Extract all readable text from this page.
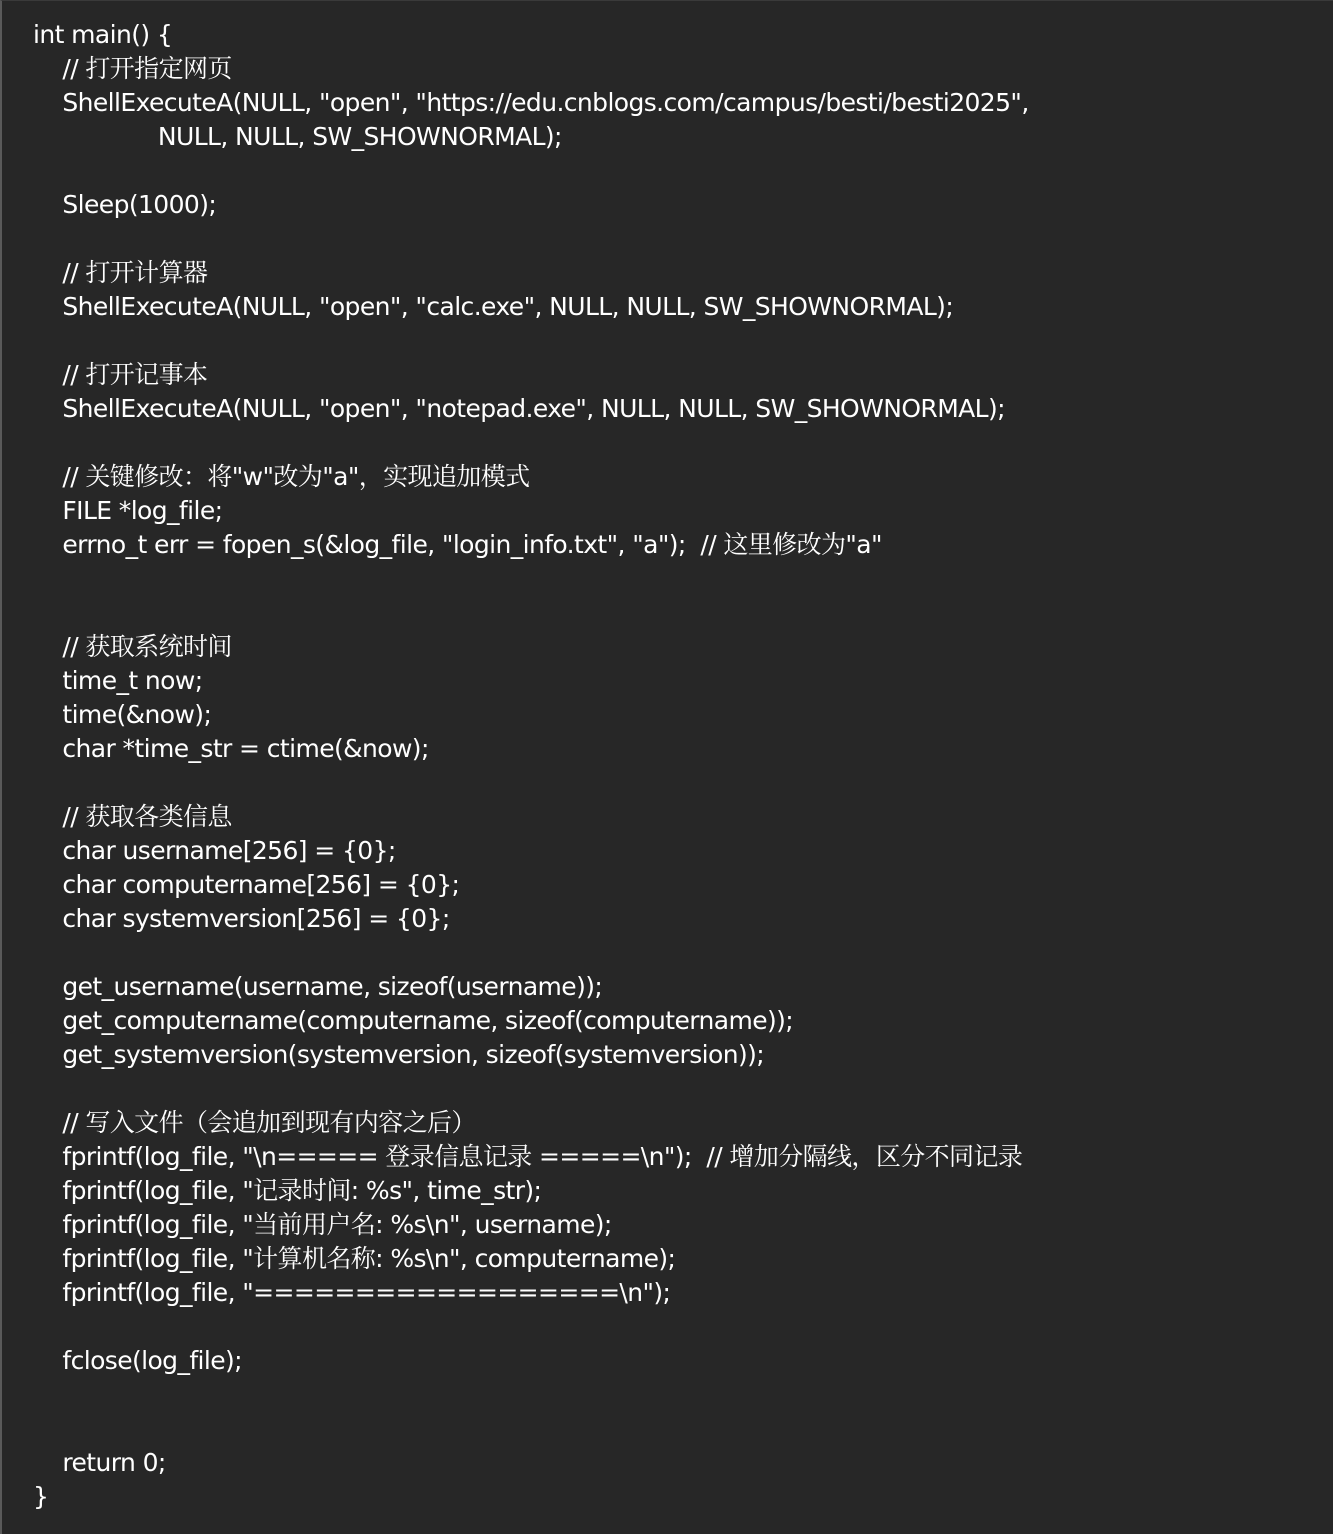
int main() {
// 打开指定网页
ShellExecuteA(NULL, "open", "https://edu.cnblogs.com/campus/besti/besti2025",
NULL, NULL, SW_SHOWNORMAL);
Sleep(1000);
// 打开计算器
ShellExecuteA(NULL, "open", "calc.exe", NULL, NULL, SW_SHOWNORMAL);
// 打开记事本
ShellExecuteA(NULL, "open", "notepad.exe", NULL, NULL, SW_SHOWNORMAL);
// 关键修改：将"w"改为"a"，实现追加模式
FILE *log_file;
errno_t err = fopen_s(&log_file, "login_info.txt", "a");  // 这里修改为"a"
// 获取系统时间
time_t now;
time(&now);
char *time_str = ctime(&now);
// 获取各类信息
char username[256] = {0};
char computername[256] = {0};
char systemversion[256] = {0};
get_username(username, sizeof(username));
get_computername(computername, sizeof(computername));
get_systemversion(systemversion, sizeof(systemversion));
// 写入文件（会追加到现有内容之后）
fprintf(log_file, "\n===== 登录信息记录 =====\n");  // 增加分隔线，区分不同记录
fprintf(log_file, "记录时间: %s", time_str);
fprintf(log_file, "当前用户名: %s\n", username);
fprintf(log_file, "计算机名称: %s\n", computername);
fprintf(log_file, "==================\n");
fclose(log_file);
return 0;
}
